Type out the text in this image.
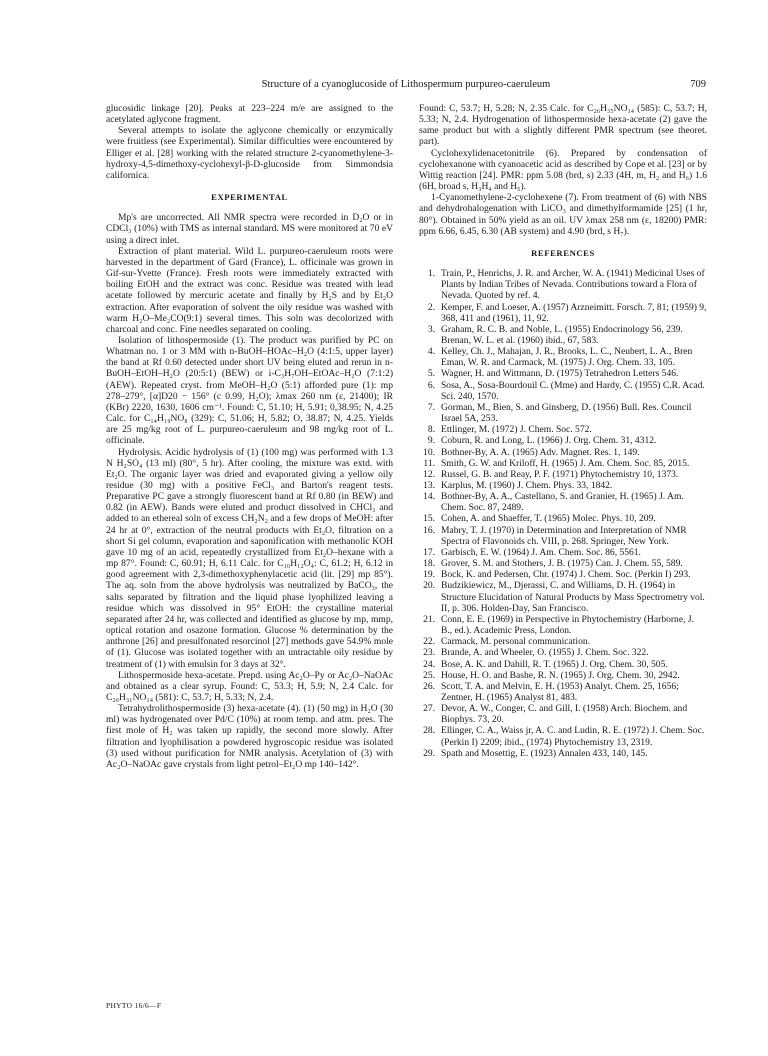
Structure of a cyanoglucoside of Lithospermum purpureo-caeruleum	709

glucosidic linkage [20]. Peaks at 223–224 m/e are assigned to the acetylated aglycone fragment.

Several attempts to isolate the aglycone chemically or enzymically were fruitless (see Experimental). Similar difficulties were encountered by Elliger et al. [28] working with the related structure 2-cyanomethylene-3-hydroxy-4,5-dimethoxy-cyclohexyl-β-D-glucoside from Simmondsia californica.

EXPERIMENTAL

Mp's are uncorrected. All NMR spectra were recorded in D₂O or in CDCl₃ (10%) with TMS as internal standard. MS were monitored at 70 eV using a direct inlet.

Extraction of plant material. Wild L. purpureo-caeruleum roots were harvested in the department of Gard (France), L. officinale was grown in Gif-sur-Yvette (France). Fresh roots were immediately extracted with boiling EtOH and the extract was conc. Residue was treated with lead acetate followed by mercuric acetate and finally by H₂S and by Et₂O extraction. After evaporation of solvent the oily residue was washed with warm H₂O–Me₂CO(9:1) several times. This soln was decolorized with charcoal and conc. Fine needles separated on cooling.

Isolation of lithospermoside (1). The product was purified by PC on Whatman no. 1 or 3 MM with n-BuOH–HOAc–H₂O (4:1:5, upper layer) the band at Rf 0.60 detected under short UV being eluted and rerun in n-BuOH–EtOH–H₂O (20:5:1) (BEW) or i-C₃H₇OH–EtOAc–H₂O (7:1:2) (AEW). Repeated cryst. from MeOH–H₂O (5:1) afforded pure (1): mp 278–279°, [α]D20 − 156° (c 0.99, H₂O); λmax 260 nm (ε, 21400); IR (KBr) 2220, 1630, 1606 cm⁻¹. Found: C, 51.10; H, 5.91; 0,38.95; N, 4.25 Calc. for C₁₄H₁₉NO₈ (329): C, 51.06; H, 5.82; O, 38.87; N, 4.25. Yields are 25 mg/kg root of L. purpureo-caeruleum and 98 mg/kg root of L. officinale.

Hydrolysis. Acidic hydrolysis of (1) (100 mg) was performed with 1.3 N H₂SO₄ (13 ml) (80°, 5 hr). After cooling, the mixture was extd. with Et₂O. The organic layer was dried and evaporated giving a yellow oily residue (30 mg) with a positive FeCl₃ and Barton's reagent tests. Preparative PC gave a strongly fluorescent band at Rf 0.80 (in BEW) and 0.82 (in AEW). Bands were eluted and product dissolved in CHCl₃ and added to an ethereal soln of excess CH₂N₂ and a few drops of MeOH: after 24 hr at 0°, extraction of the neutral products with Et₂O, filtration on a short Si gel column, evaporation and saponification with methanolic KOH gave 10 mg of an acid, repeatedly crystallized from Et₂O–hexane with a mp 87°. Found: C, 60.91; H, 6.11 Calc. for C₁₀H₁₂O₄: C, 61.2; H, 6.12 in good agreement with 2,3-dimethoxyphenylacetic acid (lit. [29] mp 85°). The aq. soln from the above hydrolysis was neutralized by BaCO₃, the salts separated by filtration and the liquid phase lyophilized leaving a residue which was dissolved in 95° EtOH: the crystalline material separated after 24 hr, was collected and identified as glucose by mp, mmp, optical rotation and osazone formation. Glucose % determination by the anthrone [26] and presulfonated resorcinol [27] methods gave 54.9% mole of (1). Glucose was isolated together with an untractable oily residue by treatment of (1) with emulsin for 3 days at 32°.

Lithospermoside hexa-acetate. Prepd. using Ac₂O–Py or Ac₂O–NaOAc and obtained as a clear syrup. Found: C, 53.3; H, 5.9; N, 2.4 Calc. for C₂₆H₃₁NO₁₄ (581): C, 53.7; H, 5.33; N, 2.4.

Tetrahydrolithospermoside (3) hexa-acetate (4). (1) (50 mg) in H₂O (30 ml) was hydrogenated over Pd/C (10%) at room temp. and atm. pres. The first mole of H₂ was taken up rapidly, the second more slowly. After filtration and lyophilisation a powdered hygroscopic residue was isolated (3) used without purification for NMR analysis. Acetylation of (3) with Ac₂O–NaOAc gave crystals from light petrol–Et₂O mp 140–142°.

Found: C, 53.7; H, 5.28; N, 2.35 Calc. for C₂₆H₃₅NO₁₄ (585): C, 53.7; H, 5.33; N, 2.4. Hydrogenation of lithospermoside hexa-acetate (2) gave the same product but with a slightly different PMR spectrum (see theoret. part).

Cyclohexylidenacetonitrile (6). Prepared by condensation of cyclohexanone with cyanoacetic acid as described by Cope et al. [23] or by Wittig reaction [24]. PMR: ppm 5.08 (brd, s) 2.33 (4H, m, H₂ and H₆) 1.6 (6H, broad s, H₃H₄ and H₅).

1-Cyanomethylene-2-cyclohexene (7). From treatment of (6) with NBS and dehydrohalogenation with LiCO₃ and dimethylformamide [25] (1 hr, 80°). Obtained in 50% yield as an oil. UV λmax 258 nm (ε, 18200) PMR: ppm 6.66, 6.45, 6.30 (AB system) and 4.90 (brd, s H₇).

REFERENCES
1. Train, P., Henrichs, J. R. and Archer, W. A. (1941) Medicinal Uses of Plants by Indian Tribes of Nevada. Contributions toward a Flora of Nevada. Quoted by ref. 4.
2. Kemper, F. and Loeser, A. (1957) Arzneimitt. Forsch. 7, 81; (1959) 9, 368, 411 and (1961), 11, 92.
3. Graham, R. C. B. and Noble, L. (1955) Endocrinology 56, 239. Brenan, W. L. et al. (1960) ibid., 67, 583.
4. Kelley, Ch. J., Mahajan, J. R., Brooks, L. C., Neubert, L. A., Bren Eman, W. R. and Carmack, M. (1975) J. Org. Chem. 33, 105.
5. Wagner, H. and Wittmann, D. (1975) Tetrahedron Letters 546.
6. Sosa, A., Sosa-Bourdouil C. (Mme) and Hardy, C. (1955) C.R. Acad. Sci. 240, 1570.
7. Gorman, M., Bien, S. and Ginsberg, D. (1956) Bull. Res. Council Israel 5A, 253.
8. Ettlinger, M. (1972) J. Chem. Soc. 572.
9. Coburn, R. and Long, L. (1966) J. Org. Chem. 31, 4312.
10. Bothner-By, A. A. (1965) Adv. Magnet. Res. 1, 149.
11. Smith, G. W. and Kriloff, H. (1965) J. Am. Chem. Soc. 85, 2015.
12. Russel, G. B. and Reay, P. F. (1971) Phytochemistry 10, 1373.
13. Karplus, M. (1960) J. Chem. Phys. 33, 1842.
14. Bothner-By, A. A., Castellano, S. and Granier, H. (1965) J. Am. Chem. Soc. 87, 2489.
15. Cohen, A. and Shaeffer, T. (1965) Molec. Phys. 10, 209.
16. Mabry, T. J. (1970) in Determination and Interpretation of NMR Spectra of Flavonoids ch. VIII, p. 268. Springer, New York.
17. Garbisch, E. W. (1964) J. Am. Chem. Soc. 86, 5561.
18. Grover, S. M. and Stothers, J. B. (1975) Can. J. Chem. 55, 589.
19. Bock, K. and Pedersen, Chr. (1974) J. Chem. Soc. (Perkin I) 293.
20. Budzikiewicz, M., Djerassi, C. and Williams, D. H. (1964) in Structure Elucidation of Natural Products by Mass Spectrometry vol. II, p. 306. Holden-Day, San Francisco.
21. Conn, E. E. (1969) in Perspective in Phytochemistry (Harborne, J. B., ed.). Academic Press, London.
22. Carmack, M. personal communication.
23. Brande, A. and Wheeler, O. (1955) J. Chem. Soc. 322.
24. Bose, A. K. and Dahill, R. T. (1965) J. Org. Chem. 30, 505.
25. House, H. O. and Bashe, R. N. (1965) J. Org. Chem. 30, 2942.
26. Scott, T. A. and Melvin, E. H. (1953) Analyt. Chem. 25, 1656; Zentner, H. (1965) Analyst 81, 483.
27. Devor, A. W., Conger, C. and Gill, I. (1958) Arch. Biochem. and Biophys. 73, 20.
28. Ellinger, C. A., Waiss jr, A. C. and Ludin, R. E. (1972) J. Chem. Soc. (Perkin I) 2209; ibid., (1974) Phytochemistry 13, 2319.
29. Spath and Mosettig, E. (1923) Annalen 433, 140, 145.
PHYTO 16/6—F
